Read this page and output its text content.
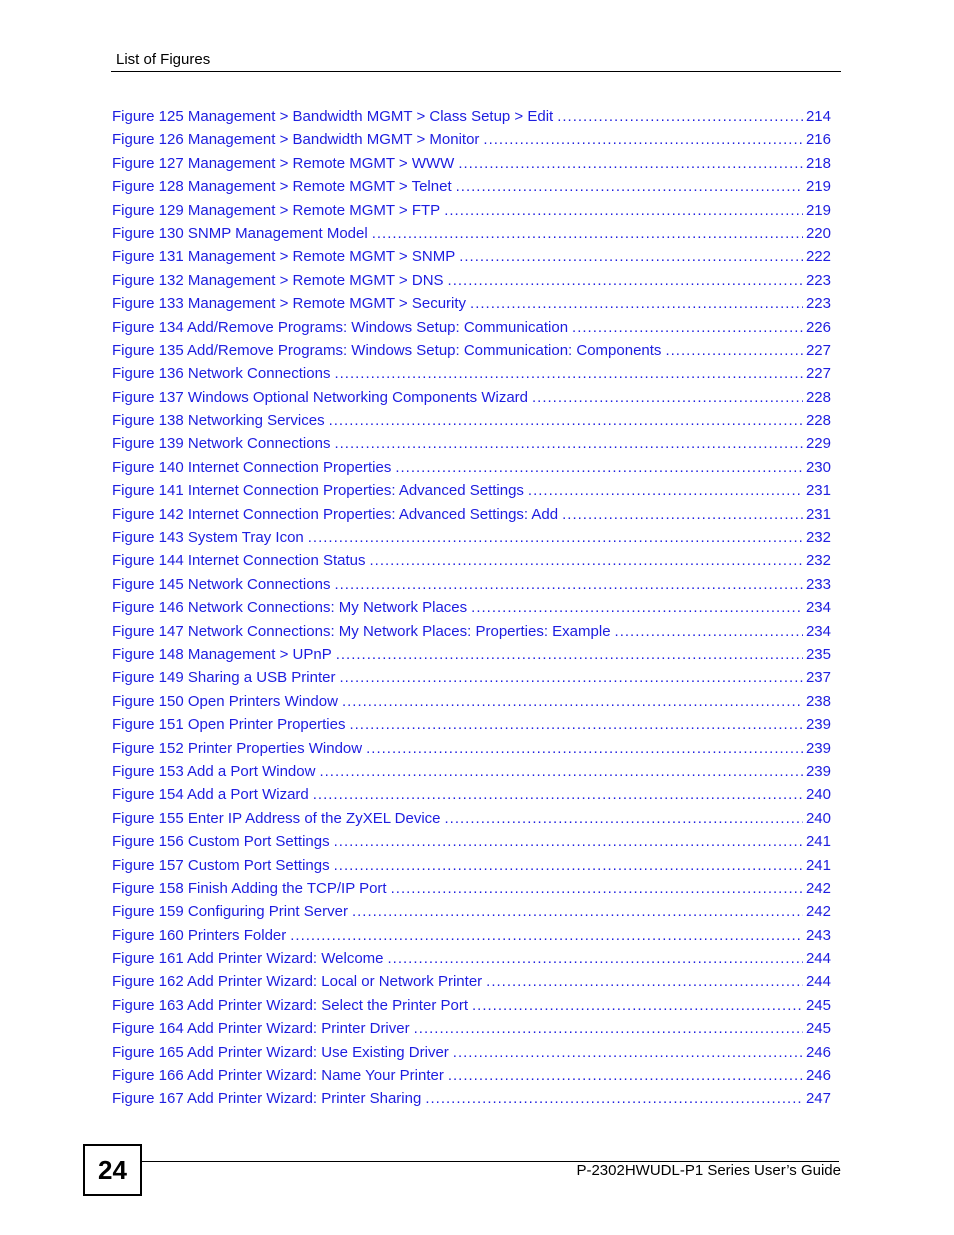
List of Figures
Figure 125 Management > Bandwidth MGMT > Class Setup > Edit .....	214
Figure 126 Management > Bandwidth MGMT > Monitor .....	216
Figure 127 Management > Remote MGMT > WWW .....	218
Figure 128 Management > Remote MGMT > Telnet .....	219
Figure 129 Management > Remote MGMT > FTP .....	219
Figure 130 SNMP Management Model .....	220
Figure 131 Management > Remote MGMT > SNMP .....	222
Figure 132 Management > Remote MGMT > DNS .....	223
Figure 133 Management > Remote MGMT > Security .....	223
Figure 134 Add/Remove Programs: Windows Setup: Communication .....	226
Figure 135 Add/Remove Programs: Windows Setup: Communication: Components .....	227
Figure 136 Network Connections .....	227
Figure 137 Windows Optional Networking Components Wizard .....	228
Figure 138 Networking Services .....	228
Figure 139 Network Connections .....	229
Figure 140 Internet Connection Properties .....	230
Figure 141 Internet Connection Properties: Advanced Settings .....	231
Figure 142 Internet Connection Properties: Advanced Settings: Add .....	231
Figure 143 System Tray Icon .....	232
Figure 144 Internet Connection Status .....	232
Figure 145 Network Connections .....	233
Figure 146 Network Connections: My Network Places .....	234
Figure 147 Network Connections: My Network Places: Properties: Example .....	234
Figure 148 Management > UPnP .....	235
Figure 149 Sharing a USB Printer .....	237
Figure 150 Open Printers Window .....	238
Figure 151 Open Printer Properties .....	239
Figure 152 Printer Properties Window .....	239
Figure 153 Add a Port Window .....	239
Figure 154 Add a Port Wizard .....	240
Figure 155 Enter IP Address of the ZyXEL Device .....	240
Figure 156 Custom Port Settings .....	241
Figure 157 Custom Port Settings .....	241
Figure 158 Finish Adding the TCP/IP Port .....	242
Figure 159 Configuring Print Server .....	242
Figure 160 Printers Folder .....	243
Figure 161 Add Printer Wizard: Welcome .....	244
Figure 162 Add Printer Wizard: Local or Network Printer .....	244
Figure 163 Add Printer Wizard: Select the Printer Port .....	245
Figure 164 Add Printer Wizard: Printer Driver .....	245
Figure 165 Add Printer Wizard: Use Existing Driver .....	246
Figure 166 Add Printer Wizard: Name Your Printer .....	246
Figure 167 Add Printer Wizard: Printer Sharing .....	247
24	P-2302HWUDL-P1 Series User’s Guide
